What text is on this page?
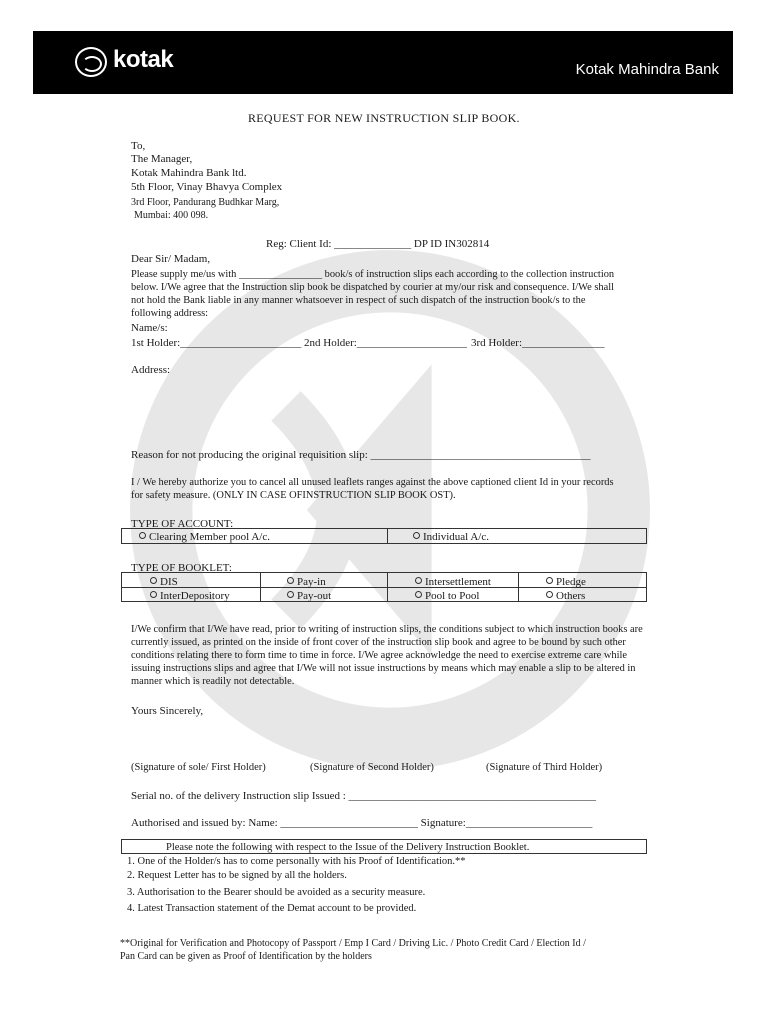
kotak	Kotak Mahindra Bank
REQUEST FOR NEW INSTRUCTION SLIP BOOK.
To,
The Manager,
Kotak Mahindra Bank ltd.
5th Floor, Vinay Bhavya Complex
3rd Floor, Pandurang Budhkar Marg,
Mumbai: 400 098.
Reg: Client Id: ______________ DP ID IN302814
Dear Sir/ Madam,
Please supply me/us with ________________ book/s of instruction slips each according to the collection instruction below. I/We agree that the Instruction slip book be dispatched by courier at my/our risk and consequence. I/We shall not hold the Bank liable in any manner whatsoever in respect of such dispatch of the instruction book/s to the following address:
Name/s:
1st Holder:______________________ 2nd Holder:____________________ 3rd Holder:_______________
Address:
Reason for not producing the original requisition slip: ________________________________________
I / We hereby authorize you to cancel all unused leaflets ranges against the above captioned client Id in your records for safety measure. (ONLY IN CASE OFINSTRUCTION SLIP BOOK OST).
TYPE OF ACCOUNT:
Clearing Member pool A/c.	Individual A/c.
TYPE OF BOOKLET:
DIS	Pay-in	Intersettlement	Pledge
InterDepository	Pay-out	Pool to Pool	Others
I/We confirm that I/We have read, prior to writing of instruction slips, the conditions subject to which instruction books are currently issued, as printed on the inside of front cover of the instruction slip book and agree to be bound by such other conditions relating there to form time to time in force. I/We agree acknowledge the need to exercise extreme care while issuing instructions slips and agree that I/We will not issue instructions by means which may enable a slip to be altered in manner which is readily not detectable.
Yours Sincerely,
(Signature of sole/ First Holder)	(Signature of Second Holder)	(Signature of Third Holder)
Serial no. of the delivery Instruction slip Issued : _____________________________________________
Authorised and issued by: Name: _________________________ Signature:_______________________
Please note the following with respect to the Issue of the Delivery Instruction Booklet.
1. One of the Holder/s has to come personally with his Proof of Identification.**
2. Request Letter has to be signed by all the holders.
3. Authorisation to the Bearer should be avoided as a security measure.
4. Latest Transaction statement of the Demat account to be provided.
**Original for Verification and Photocopy of Passport / Emp I Card / Driving Lic. / Photo Credit Card / Election Id / Pan Card can be given as Proof of Identification by the holders
